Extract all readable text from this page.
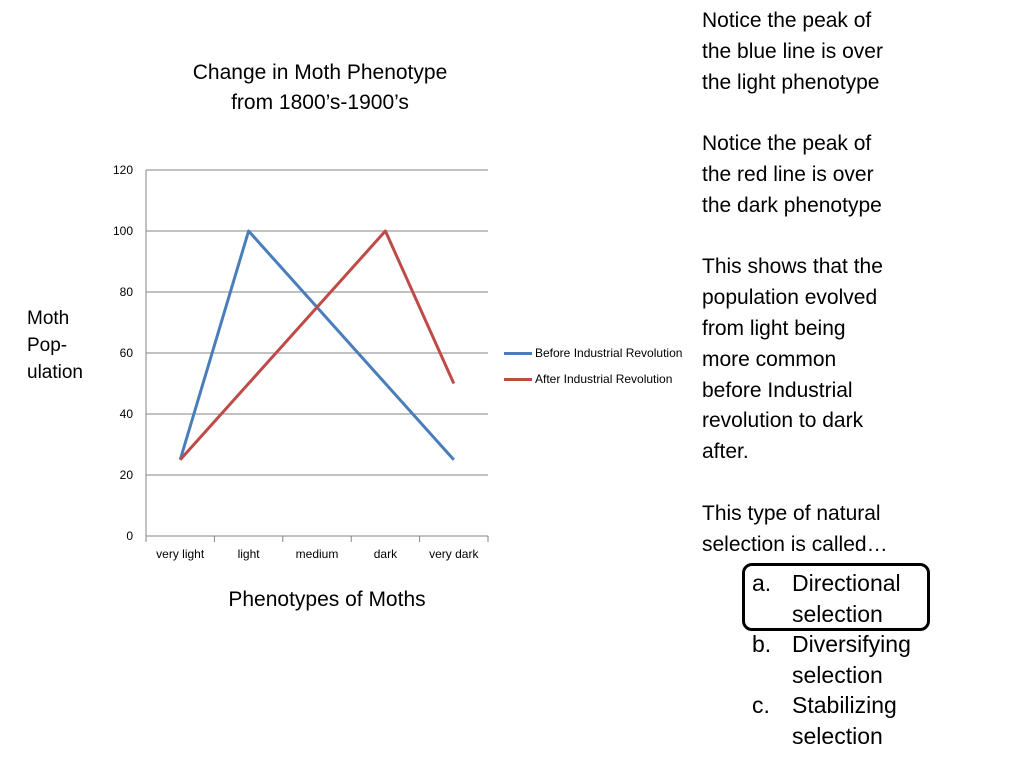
Change in Moth Phenotype
from 1800’s-1900’s
0
20
40
60
80
100
120
very light	light	medium	dark	very dark
Moth
Pop-
ulation
Phenotypes of Moths
Before Industrial Revolution
After Industrial Revolution

Notice the peak of
the blue line is over
the light phenotype

Notice the peak of
the red line is over
the dark phenotype

This shows that the
population evolved
from light being
more common
before Industrial
revolution to dark
after.

This type of natural
selection is called…

a. Directional
selection
b. Diversifying
selection
c. Stabilizing
selection
